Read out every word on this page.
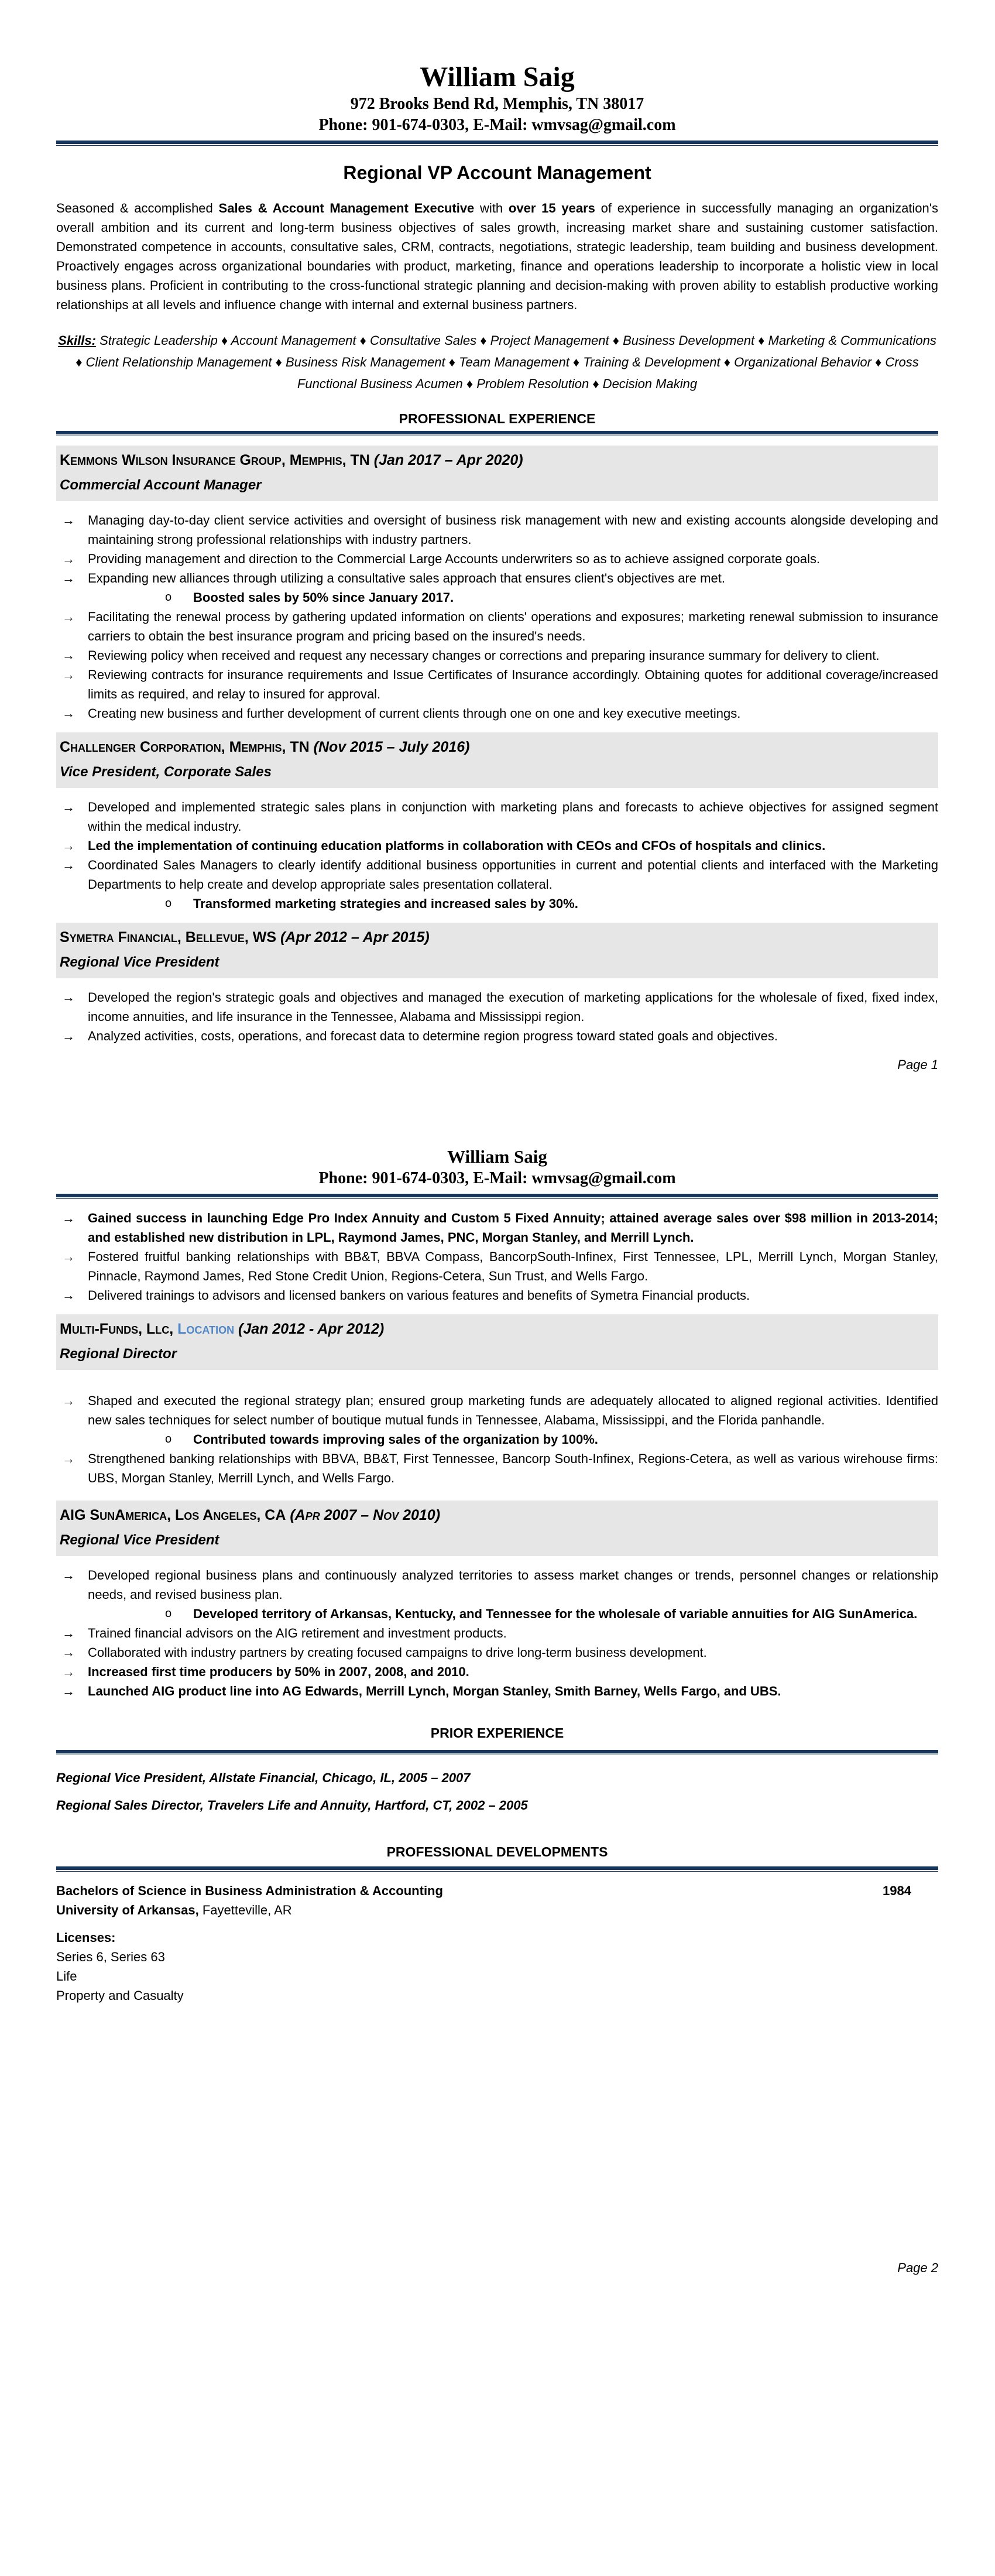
William Saig
972 Brooks Bend Rd, Memphis, TN 38017
Phone: 901-674-0303, E-Mail: wmvsag@gmail.com
Regional VP Account Management
Seasoned & accomplished Sales & Account Management Executive with over 15 years of experience in successfully managing an organization's overall ambition and its current and long-term business objectives of sales growth, increasing market share and sustaining customer satisfaction. Demonstrated competence in accounts, consultative sales, CRM, contracts, negotiations, strategic leadership, team building and business development. Proactively engages across organizational boundaries with product, marketing, finance and operations leadership to incorporate a holistic view in local business plans. Proficient in contributing to the cross-functional strategic planning and decision-making with proven ability to establish productive working relationships at all levels and influence change with internal and external business partners.
Skills: Strategic Leadership ♦ Account Management ♦ Consultative Sales ♦ Project Management ♦ Business Development ♦ Marketing & Communications ♦ Client Relationship Management ♦ Business Risk Management ♦ Team Management ♦ Training & Development ♦ Organizational Behavior ♦ Cross Functional Business Acumen ♦ Problem Resolution ♦ Decision Making
PROFESSIONAL EXPERIENCE
Kemmons Wilson Insurance Group, Memphis, TN (Jan 2017 – Apr 2020)
Commercial Account Manager
→	Managing day-to-day client service activities and oversight of business risk management with new and existing accounts alongside developing and maintaining strong professional relationships with industry partners.
→	Providing management and direction to the Commercial Large Accounts underwriters so as to achieve assigned corporate goals.
→	Expanding new alliances through utilizing a consultative sales approach that ensures client's objectives are met.
o	Boosted sales by 50% since January 2017.
→	Facilitating the renewal process by gathering updated information on clients' operations and exposures; marketing renewal submission to insurance carriers to obtain the best insurance program and pricing based on the insured's needs.
→	Reviewing policy when received and request any necessary changes or corrections and preparing insurance summary for delivery to client.
→	Reviewing contracts for insurance requirements and Issue Certificates of Insurance accordingly. Obtaining quotes for additional coverage/increased limits as required, and relay to insured for approval.
→	Creating new business and further development of current clients through one on one and key executive meetings.
Challenger Corporation, Memphis, TN (Nov 2015 – July 2016)
Vice President, Corporate Sales
→	Developed and implemented strategic sales plans in conjunction with marketing plans and forecasts to achieve objectives for assigned segment within the medical industry.
→	Led the implementation of continuing education platforms in collaboration with CEOs and CFOs of hospitals and clinics.
→	Coordinated Sales Managers to clearly identify additional business opportunities in current and potential clients and interfaced with the Marketing Departments to help create and develop appropriate sales presentation collateral.
o	Transformed marketing strategies and increased sales by 30%.
Symetra Financial, Bellevue, WS (Apr 2012 – Apr 2015)
Regional Vice President
→	Developed the region's strategic goals and objectives and managed the execution of marketing applications for the wholesale of fixed, fixed index, income annuities, and life insurance in the Tennessee, Alabama and Mississippi region.
→	Analyzed activities, costs, operations, and forecast data to determine region progress toward stated goals and objectives.
Page 1
William Saig
Phone: 901-674-0303, E-Mail: wmvsag@gmail.com
→	Gained success in launching Edge Pro Index Annuity and Custom 5 Fixed Annuity; attained average sales over $98 million in 2013-2014; and established new distribution in LPL, Raymond James, PNC, Morgan Stanley, and Merrill Lynch.
→	Fostered fruitful banking relationships with BB&T, BBVA Compass, BancorpSouth-Infinex, First Tennessee, LPL, Merrill Lynch, Morgan Stanley, Pinnacle, Raymond James, Red Stone Credit Union, Regions-Cetera, Sun Trust, and Wells Fargo.
→	Delivered trainings to advisors and licensed bankers on various features and benefits of Symetra Financial products.
Multi-Funds, Llc, Location (Jan 2012 - Apr 2012)
Regional Director
→	Shaped and executed the regional strategy plan; ensured group marketing funds are adequately allocated to aligned regional activities. Identified new sales techniques for select number of boutique mutual funds in Tennessee, Alabama, Mississippi, and the Florida panhandle.
o	Contributed towards improving sales of the organization by 100%.
→	Strengthened banking relationships with BBVA, BB&T, First Tennessee, Bancorp South-Infinex, Regions-Cetera, as well as various wirehouse firms: UBS, Morgan Stanley, Merrill Lynch, and Wells Fargo.
AIG SunAmerica, Los Angeles, CA (Apr 2007 – Nov 2010)
Regional Vice President
→	Developed regional business plans and continuously analyzed territories to assess market changes or trends, personnel changes or relationship needs, and revised business plan.
o	Developed territory of Arkansas, Kentucky, and Tennessee for the wholesale of variable annuities for AIG SunAmerica.
→	Trained financial advisors on the AIG retirement and investment products.
→	Collaborated with industry partners by creating focused campaigns to drive long-term business development.
→	Increased first time producers by 50% in 2007, 2008, and 2010.
→	Launched AIG product line into AG Edwards, Merrill Lynch, Morgan Stanley, Smith Barney, Wells Fargo, and UBS.
PRIOR EXPERIENCE
Regional Vice President, Allstate Financial, Chicago, IL, 2005 – 2007
Regional Sales Director, Travelers Life and Annuity, Hartford, CT, 2002 – 2005
PROFESSIONAL DEVELOPMENTS
Bachelors of Science in Business Administration & Accounting	1984
University of Arkansas, Fayetteville, AR
Licenses:
Series 6, Series 63
Life
Property and Casualty
Page 2
